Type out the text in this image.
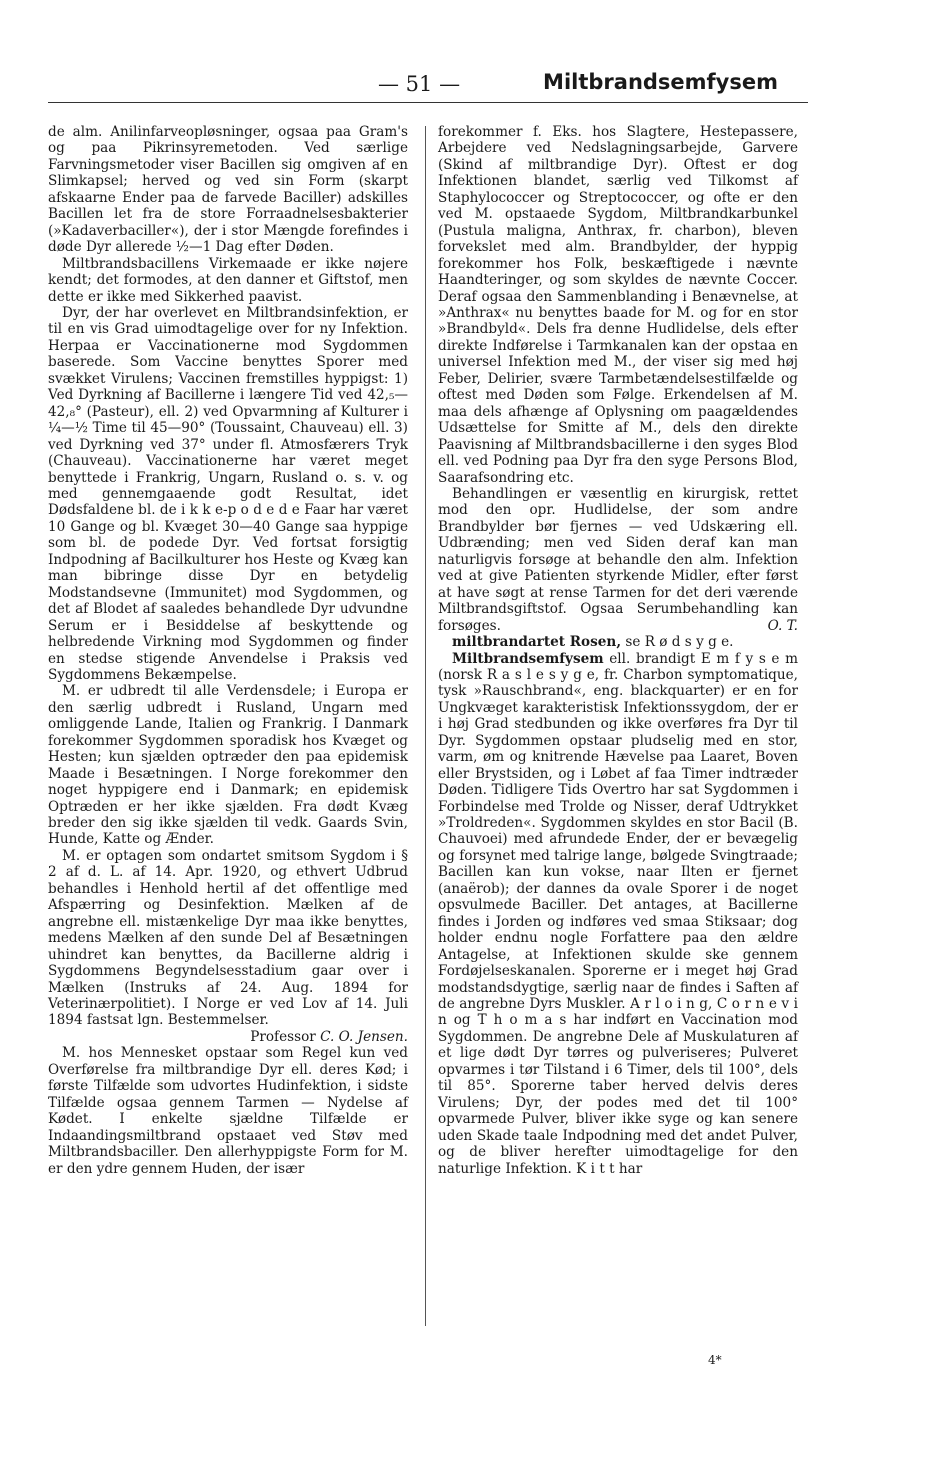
— 51 —	Miltbrandsemfysem

de alm. Anilinfarveopløsninger, ogsaa paa Gram's og paa Pikrinsyremetoden. Ved særlige Farvningsmetoder viser Bacillen sig omgiven af en Slimkapsel; herved og ved sin Form (skarpt afskaarne Ender paa de farvede Baciller) adskilles Bacillen let fra de store Forraadnelsesbakterier (»Kadaverbaciller«), der i stor Mængde forefindes i døde Dyr allerede ½—1 Dag efter Døden.

Miltbrandsbacillens Virkemaade er ikke nøjere kendt; det formodes, at den danner et Giftstof, men dette er ikke med Sikkerhed paavist.

Dyr, der har overlevet en Miltbrandsinfektion, er til en vis Grad uimodtagelige over for ny Infektion. Herpaa er Vaccinationerne mod Sygdommen baserede. Som Vaccine benyttes Sporer med svækket Virulens; Vaccinen fremstilles hyppigst: 1) Ved Dyrkning af Bacillerne i længere Tid ved 42,₅—42,₈° (Pasteur), ell. 2) ved Opvarmning af Kulturer i ¼—½ Time til 45—90° (Toussaint, Chauveau) ell. 3) ved Dyrkning ved 37° under fl. Atmosfærers Tryk (Chauveau). Vaccinationerne har været meget benyttede i Frankrig, Ungarn, Rusland o. s. v. og med gennemgaaende godt Resultat, idet Dødsfaldene bl. de i k k e-p o d e d e Faar har været 10 Gange og bl. Kvæget 30—40 Gange saa hyppige som bl. de podede Dyr. Ved fortsat forsigtig Indpodning af Bacilkulturer hos Heste og Kvæg kan man bibringe disse Dyr en betydelig Modstandsevne (Immunitet) mod Sygdommen, og det af Blodet af saaledes behandlede Dyr udvundne Serum er i Besiddelse af beskyttende og helbredende Virkning mod Sygdommen og finder en stedse stigende Anvendelse i Praksis ved Sygdommens Bekæmpelse.

M. er udbredt til alle Verdensdele; i Europa er den særlig udbredt i Rusland, Ungarn med omliggende Lande, Italien og Frankrig. I Danmark forekommer Sygdommen sporadisk hos Kvæget og Hesten; kun sjælden optræder den paa epidemisk Maade i Besætningen. I Norge forekommer den noget hyppigere end i Danmark; en epidemisk Optræden er her ikke sjælden. Fra dødt Kvæg breder den sig ikke sjælden til vedk. Gaards Svin, Hunde, Katte og Ænder.

M. er optagen som ondartet smitsom Sygdom i § 2 af d. L. af 14. Apr. 1920, og ethvert Udbrud behandles i Henhold hertil af det offentlige med Afspærring og Desinfektion. Mælken af de angrebne ell. mistænkelige Dyr maa ikke benyttes, medens Mælken af den sunde Del af Besætningen uhindret kan benyttes, da Bacillerne aldrig i Sygdommens Begyndelsesstadium gaar over i Mælken (Instruks af 24. Aug. 1894 for Veterinærpolitiet). I Norge er ved Lov af 14. Juli 1894 fastsat lgn. Bestemmelser.

Professor C. O. Jensen.

M. hos Mennesket opstaar som Regel kun ved Overførelse fra miltbrandige Dyr ell. deres Kød; i første Tilfælde som udvortes Hudinfektion, i sidste Tilfælde ogsaa gennem Tarmen — Nydelse af Kødet. I enkelte sjældne Tilfælde er Indaandingsmiltbrand opstaaet ved Støv med Miltbrandsbaciller. Den allerhyppigste Form for M. er den ydre gennem Huden, der især

forekommer f. Eks. hos Slagtere, Hestepassere, Arbejdere ved Nedslagningsarbejde, Garvere (Skind af miltbrandige Dyr). Oftest er dog Infektionen blandet, særlig ved Tilkomst af Staphylococcer og Streptococcer, og ofte er den ved M. opstaaede Sygdom, Miltbrandkarbunkel (Pustula maligna, Anthrax, fr. charbon), bleven forvekslet med alm. Brandbylder, der hyppig forekommer hos Folk, beskæftigede i nævnte Haandteringer, og som skyldes de nævnte Coccer. Deraf ogsaa den Sammenblanding i Benævnelse, at »Anthrax« nu benyttes baade for M. og for en stor »Brandbyld«. Dels fra denne Hudlidelse, dels efter direkte Indførelse i Tarmkanalen kan der opstaa en universel Infektion med M., der viser sig med høj Feber, Delirier, svære Tarmbetændelsestilfælde og oftest med Døden som Følge. Erkendelsen af M. maa dels afhænge af Oplysning om paagældendes Udsættelse for Smitte af M., dels den direkte Paavisning af Miltbrandsbacillerne i den syges Blod ell. ved Podning paa Dyr fra den syge Persons Blod, Saarafsondring etc.

Behandlingen er væsentlig en kirurgisk, rettet mod den opr. Hudlidelse, der som andre Brandbylder bør fjernes — ved Udskæring ell. Udbrænding; men ved Siden deraf kan man naturligvis forsøge at behandle den alm. Infektion ved at give Patienten styrkende Midler, efter først at have søgt at rense Tarmen for det deri værende Miltbrandsgiftstof. Ogsaa Serumbehandling kan forsøges.	O. T.

miltbrandartet Rosen, se R ø d s y g e.

Miltbrandsemfysem ell. brandigt E m f y s e m (norsk R a s l e s y g e, fr. Charbon symptomatique, tysk »Rauschbrand«, eng. blackquarter) er en for Ungkvæget karakteristisk Infektionssygdom, der er i høj Grad stedbunden og ikke overføres fra Dyr til Dyr. Sygdommen opstaar pludselig med en stor, varm, øm og knitrende Hævelse paa Laaret, Boven eller Brystsiden, og i Løbet af faa Timer indtræder Døden. Tidligere Tids Overtro har sat Sygdommen i Forbindelse med Trolde og Nisser, deraf Udtrykket »Troldreden«. Sygdommen skyldes en stor Bacil (B. Chauvoei) med afrundede Ender, der er bevægelig og forsynet med talrige lange, bølgede Svingtraade; Bacillen kan kun vokse, naar Ilten er fjernet (anaërob); der dannes da ovale Sporer i de noget opsvulmede Baciller. Det antages, at Bacillerne findes i Jorden og indføres ved smaa Stiksaar; dog holder endnu nogle Forfattere paa den ældre Antagelse, at Infektionen skulde ske gennem Fordøjelseskanalen. Sporerne er i meget høj Grad modstandsdygtige, særlig naar de findes i Saften af de angrebne Dyrs Muskler. A r l o i n g, C o r n e v i n og T h o m a s har indført en Vaccination mod Sygdommen. De angrebne Dele af Muskulaturen af et lige dødt Dyr tørres og pulveriseres; Pulveret opvarmes i tør Tilstand i 6 Timer, dels til 100°, dels til 85°. Sporerne taber herved delvis deres Virulens; Dyr, der podes med det til 100° opvarmede Pulver, bliver ikke syge og kan senere uden Skade taale Indpodning med det andet Pulver, og de bliver herefter uimodtagelige for den naturlige Infektion. K i t t har

4*
